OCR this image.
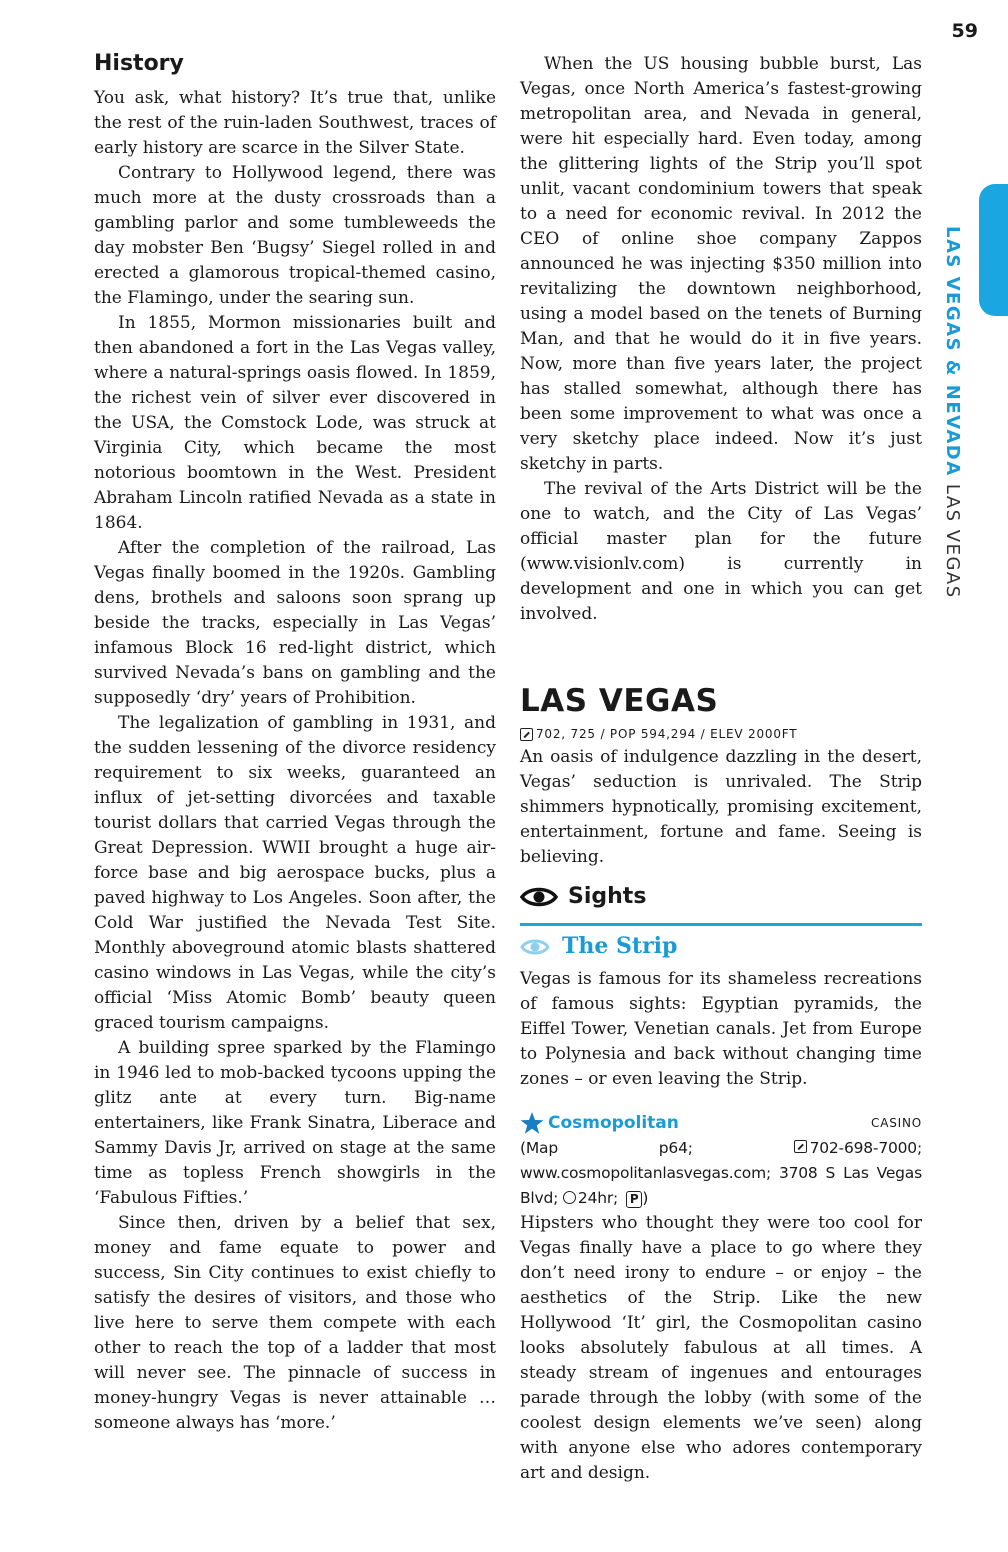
59
LAS VEGAS & NEVADA LAS VEGAS
History

You ask, what history? It’s true that, unlike the rest of the ruin-laden Southwest, traces of early history are scarce in the Silver State.

Contrary to Hollywood legend, there was much more at the dusty crossroads than a gambling parlor and some tumbleweeds the day mobster Ben ‘Bugsy’ Siegel rolled in and erected a glamorous tropical-themed casino, the Flamingo, under the searing sun.

In 1855, Mormon missionaries built and then abandoned a fort in the Las Vegas valley, where a natural-springs oasis flowed. In 1859, the richest vein of silver ever discovered in the USA, the Comstock Lode, was struck at Virginia City, which became the most notorious boomtown in the West. President Abraham Lincoln ratified Nevada as a state in 1864.

After the completion of the railroad, Las Vegas finally boomed in the 1920s. Gambling dens, brothels and saloons soon sprang up beside the tracks, especially in Las Vegas’ infamous Block 16 red-light district, which survived Nevada’s bans on gambling and the supposedly ‘dry’ years of Prohibition.

The legalization of gambling in 1931, and the sudden lessening of the divorce residency requirement to six weeks, guaranteed an influx of jet-setting divorcées and taxable tourist dollars that carried Vegas through the Great Depression. WWII brought a huge air-force base and big aerospace bucks, plus a paved highway to Los Angeles. Soon after, the Cold War justified the Nevada Test Site. Monthly aboveground atomic blasts shattered casino windows in Las Vegas, while the city’s official ‘Miss Atomic Bomb’ beauty queen graced tourism campaigns.

A building spree sparked by the Flamingo in 1946 led to mob-backed tycoons upping the glitz ante at every turn. Big-name entertainers, like Frank Sinatra, Liberace and Sammy Davis Jr, arrived on stage at the same time as topless French showgirls in the ‘Fabulous Fifties.’

Since then, driven by a belief that sex, money and fame equate to power and success, Sin City continues to exist chiefly to satisfy the desires of visitors, and those who live here to serve them compete with each other to reach the top of a ladder that most will never see. The pinnacle of success in money-hungry Vegas is never attainable … someone always has ‘more.’

When the US housing bubble burst, Las Vegas, once North America’s fastest-growing metropolitan area, and Nevada in general, were hit especially hard. Even today, among the glittering lights of the Strip you’ll spot unlit, vacant condominium towers that speak to a need for economic revival. In 2012 the CEO of online shoe company Zappos announced he was injecting $350 million into revitalizing the downtown neighborhood, using a model based on the tenets of Burning Man, and that he would do it in five years. Now, more than five years later, the project has stalled somewhat, although there has been some improvement to what was once a very sketchy place indeed. Now it’s just sketchy in parts.

The revival of the Arts District will be the one to watch, and the City of Las Vegas’ official master plan for the future (www.visionlv.com) is currently in development and one in which you can get involved.

LAS VEGAS
702, 725 / POP 594,294 / ELEV 2000FT

An oasis of indulgence dazzling in the desert, Vegas’ seduction is unrivaled. The Strip shimmers hypnotically, promising excitement, entertainment, fortune and fame. Seeing is believing.

Sights
The Strip

Vegas is famous for its shameless recreations of famous sights: Egyptian pyramids, the Eiffel Tower, Venetian canals. Jet from Europe to Polynesia and back without changing time zones – or even leaving the Strip.

Cosmopolitan	CASINO
(Map p64;	702-698-7000; www.cosmopolitanlasvegas.com; 3708 S Las Vegas Blvd; 24hr; P )

Hipsters who thought they were too cool for Vegas finally have a place to go where they don’t need irony to endure – or enjoy – the aesthetics of the Strip. Like the new Hollywood ‘It’ girl, the Cosmopolitan casino looks absolutely fabulous at all times. A steady stream of ingenues and entourages parade through the lobby (with some of the coolest design elements we’ve seen) along with anyone else who adores contemporary art and design.
